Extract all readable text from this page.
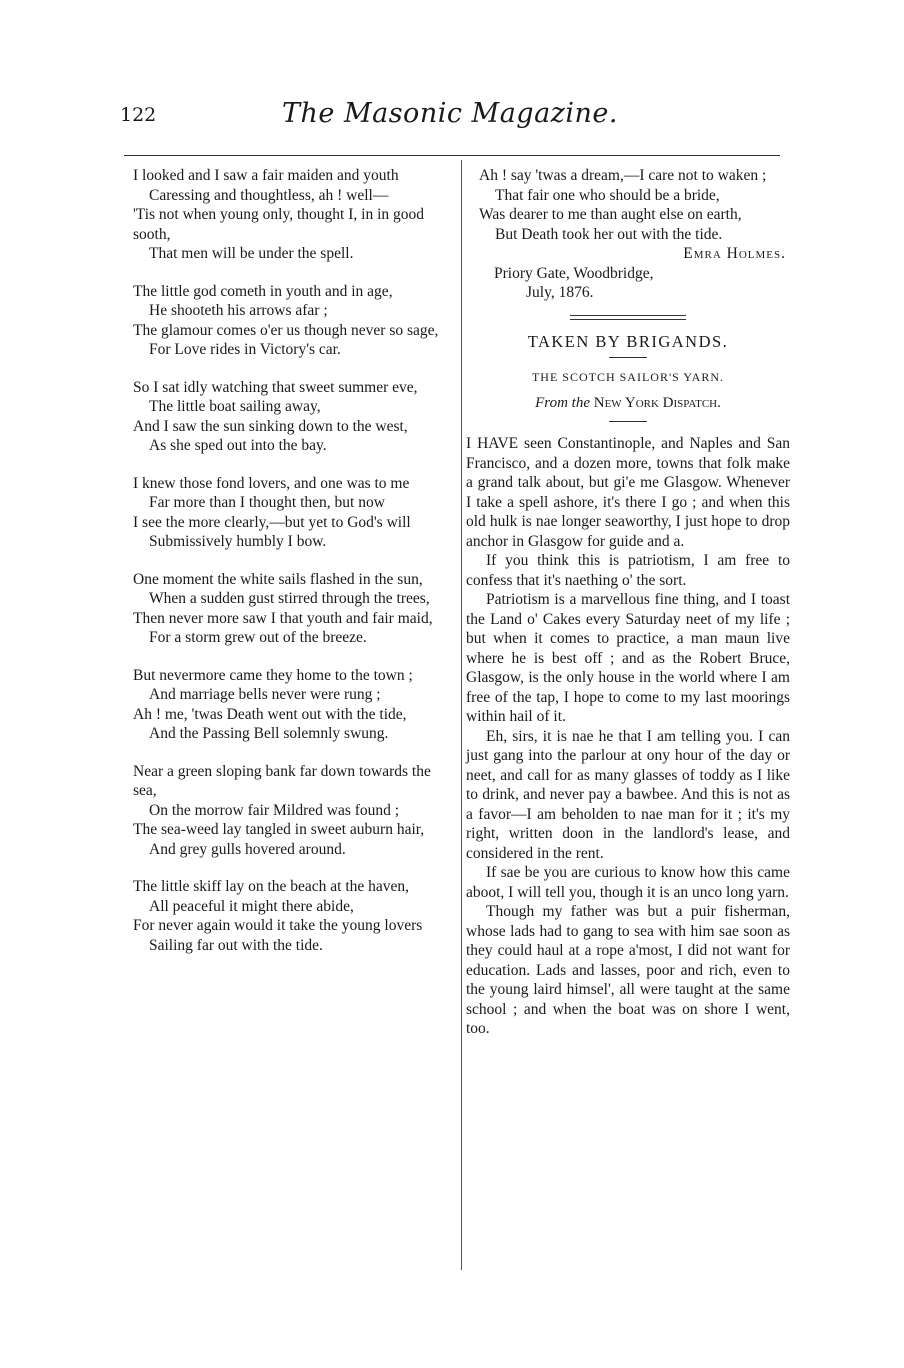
122	The Masonic Magazine.
I looked and I saw a fair maiden and youth
Caressing and thoughtless, ah ! well—
'Tis not when young only, thought I, in in good sooth,
That men will be under the spell.
The little god cometh in youth and in age,
He shooteth his arrows afar ;
The glamour comes o'er us though never so sage,
For Love rides in Victory's car.
So I sat idly watching that sweet summer eve,
The little boat sailing away,
And I saw the sun sinking down to the west,
As she sped out into the bay.
I knew those fond lovers, and one was to me
Far more than I thought then, but now
I see the more clearly,—but yet to God's will
Submissively humbly I bow.
One moment the white sails flashed in the sun,
When a sudden gust stirred through the trees,
Then never more saw I that youth and fair maid,
For a storm grew out of the breeze.
But nevermore came they home to the town ;
And marriage bells never were rung ;
Ah ! me, 'twas Death went out with the tide,
And the Passing Bell solemnly swung.
Near a green sloping bank far down towards the sea,
On the morrow fair Mildred was found ;
The sea-weed lay tangled in sweet auburn hair,
And grey gulls hovered around.
The little skiff lay on the beach at the haven,
All peaceful it might there abide,
For never again would it take the young lovers
Sailing far out with the tide.
Ah ! say 'twas a dream,—I care not to waken ;
That fair one who should be a bride,
Was dearer to me than aught else on earth,
But Death took her out with the tide.
Emra Holmes.
Priory Gate, Woodbridge,
July, 1876.
TAKEN BY BRIGANDS.
THE SCOTCH SAILOR'S YARN.
From the New York Dispatch.

I HAVE seen Constantinople, and Naples and San Francisco, and a dozen more, towns that folk make a grand talk about, but gi'e me Glasgow. Whenever I take a spell ashore, it's there I go ; and when this old hulk is nae longer seaworthy, I just hope to drop anchor in Glasgow for guide and a.

If you think this is patriotism, I am free to confess that it's naething o' the sort.

Patriotism is a marvellous fine thing, and I toast the Land o' Cakes every Saturday neet of my life ; but when it comes to practice, a man maun live where he is best off ; and as the Robert Bruce, Glasgow, is the only house in the world where I am free of the tap, I hope to come to my last moorings within hail of it.

Eh, sirs, it is nae he that I am telling you. I can just gang into the parlour at ony hour of the day or neet, and call for as many glasses of toddy as I like to drink, and never pay a bawbee. And this is not as a favor—I am beholden to nae man for it ; it's my right, written doon in the landlord's lease, and considered in the rent.

If sae be you are curious to know how this came aboot, I will tell you, though it is an unco long yarn.

Though my father was but a puir fisherman, whose lads had to gang to sea with him sae soon as they could haul at a rope a'most, I did not want for education. Lads and lasses, poor and rich, even to the young laird himsel', all were taught at the same school ; and when the boat was on shore I went, too.
